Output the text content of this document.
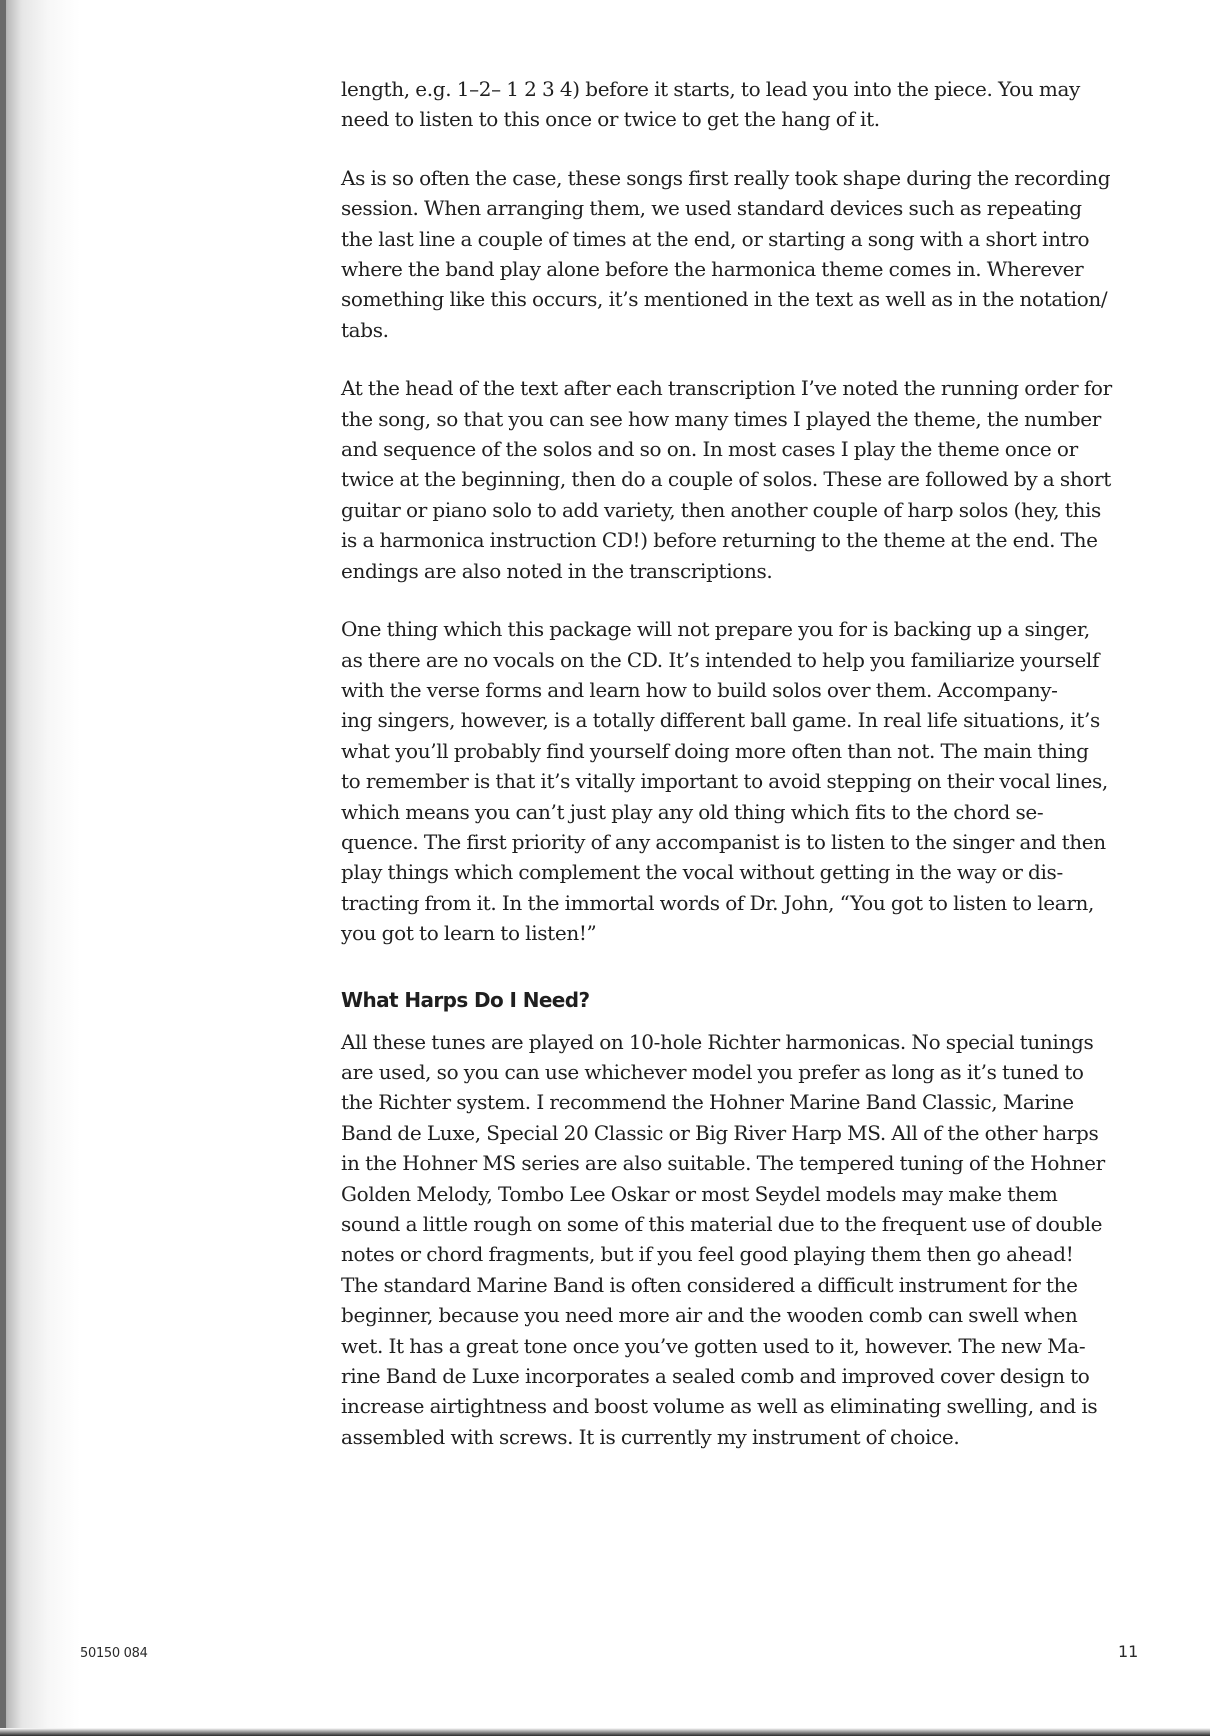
length, e.g. 1–2– 1 2 3 4) before it starts, to lead you into the piece. You may
need to listen to this once or twice to get the hang of it.

As is so often the case, these songs first really took shape during the recording
session. When arranging them, we used standard devices such as repeating
the last line a couple of times at the end, or starting a song with a short intro
where the band play alone before the harmonica theme comes in. Wherever
something like this occurs, it’s mentioned in the text as well as in the notation/
tabs.

At the head of the text after each transcription I’ve noted the running order for
the song, so that you can see how many times I played the theme, the number
and sequence of the solos and so on. In most cases I play the theme once or
twice at the beginning, then do a couple of solos. These are followed by a short
guitar or piano solo to add variety, then another couple of harp solos (hey, this
is a harmonica instruction CD!) before returning to the theme at the end. The
endings are also noted in the transcriptions.

One thing which this package will not prepare you for is backing up a singer,
as there are no vocals on the CD. It’s intended to help you familiarize yourself
with the verse forms and learn how to build solos over them. Accompany-
ing singers, however, is a totally different ball game. In real life situations, it’s
what you’ll probably find yourself doing more often than not. The main thing
to remember is that it’s vitally important to avoid stepping on their vocal lines,
which means you can’t just play any old thing which fits to the chord se-
quence. The first priority of any accompanist is to listen to the singer and then
play things which complement the vocal without getting in the way or dis-
tracting from it. In the immortal words of Dr. John, “You got to listen to learn,
you got to learn to listen!”

What Harps Do I Need?

All these tunes are played on 10-hole Richter harmonicas. No special tunings
are used, so you can use whichever model you prefer as long as it’s tuned to
the Richter system. I recommend the Hohner Marine Band Classic, Marine
Band de Luxe, Special 20 Classic or Big River Harp MS. All of the other harps
in the Hohner MS series are also suitable. The tempered tuning of the Hohner
Golden Melody, Tombo Lee Oskar or most Seydel models may make them
sound a little rough on some of this material due to the frequent use of double
notes or chord fragments, but if you feel good playing them then go ahead!
The standard Marine Band is often considered a difficult instrument for the
beginner, because you need more air and the wooden comb can swell when
wet. It has a great tone once you’ve gotten used to it, however. The new Ma-
rine Band de Luxe incorporates a sealed comb and improved cover design to
increase airtightness and boost volume as well as eliminating swelling, and is
assembled with screws. It is currently my instrument of choice.

50150 084	11
